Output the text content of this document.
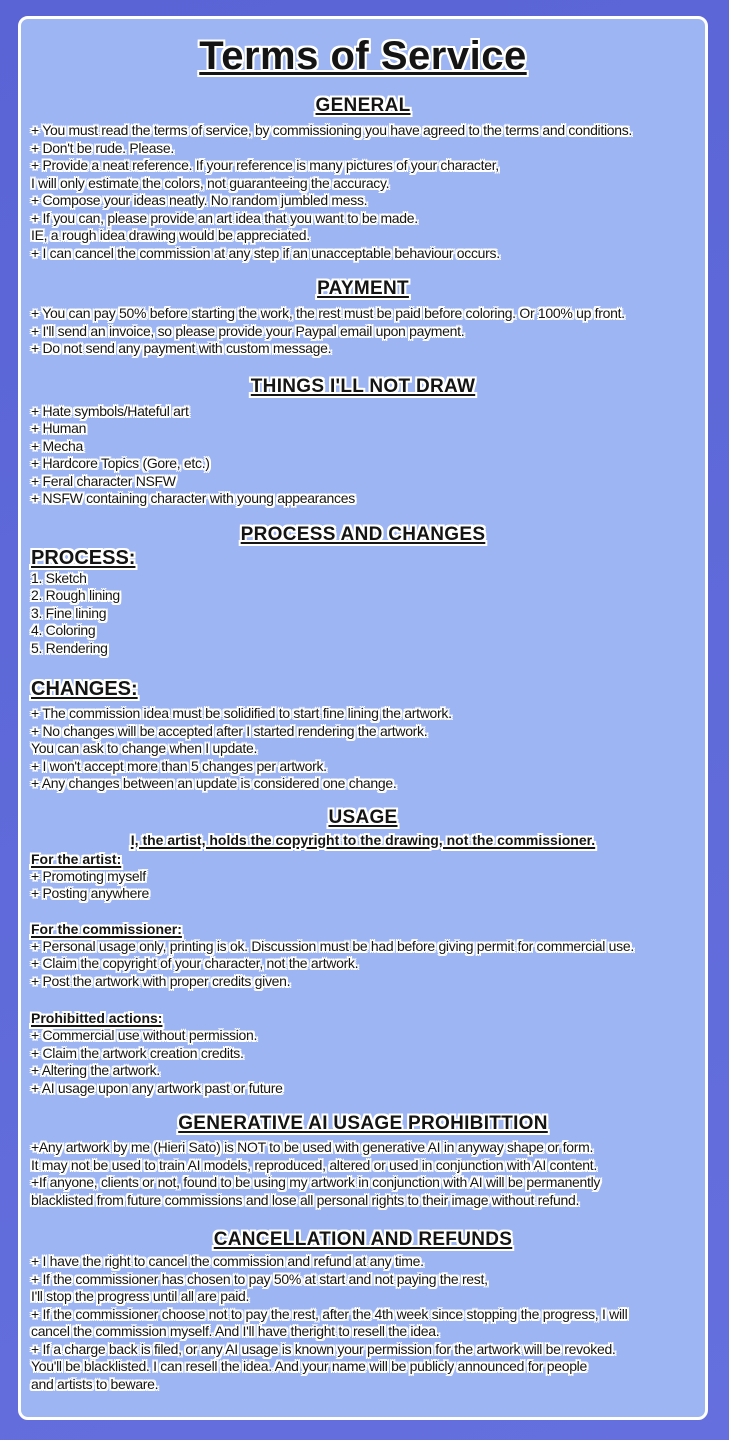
Terms of Service
GENERAL
+ You must read the terms of service, by commissioning you have agreed to the terms and conditions.
+ Don't be rude. Please.
+ Provide a neat reference. If your reference is many pictures of your character,
I will only estimate the colors, not guaranteeing the accuracy.
+ Compose your ideas neatly. No random jumbled mess.
+ If you can, please provide an art idea that you want to be made.
IE, a rough idea drawing would be appreciated.
+ I can cancel the commission at any step if an unacceptable behaviour occurs.
PAYMENT
+ You can pay 50% before starting the work, the rest must be paid before coloring. Or 100% up front.
+ I'll send an invoice, so please provide your Paypal email upon payment.
+ Do not send any payment with custom message.
THINGS I'LL NOT DRAW
+ Hate symbols/Hateful art
+ Human
+ Mecha
+ Hardcore Topics (Gore, etc.)
+ Feral character NSFW
+ NSFW containing character with young appearances
PROCESS AND CHANGES
PROCESS:
1. Sketch
2. Rough lining
3. Fine lining
4. Coloring
5. Rendering
CHANGES:
+ The commission idea must be solidified to start fine lining the artwork.
+ No changes will be accepted after I started rendering the artwork.
You can ask to change when I update.
+ I won't accept more than 5 changes per artwork.
+ Any changes between an update is considered one change.
USAGE
I, the artist, holds the copyright to the drawing, not the commissioner.
For the artist:
+ Promoting myself
+ Posting anywhere
For the commissioner:
+ Personal usage only, printing is ok. Discussion must be had before giving permit for commercial use.
+ Claim the copyright of your character, not the artwork.
+ Post the artwork with proper credits given.
Prohibitted actions:
+ Commercial use without permission.
+ Claim the artwork creation credits.
+ Altering the artwork.
+ AI usage upon any artwork past or future
GENERATIVE AI USAGE PROHIBITTION
+Any artwork by me (Hieri Sato) is NOT to be used with generative AI in anyway shape or form.
It may not be used to train AI models, reproduced, altered or used in conjunction with AI content.
+If anyone, clients or not, found to be using my artwork in conjunction with AI will be permanently
blacklisted from future commissions and lose all personal rights to their image without refund.
CANCELLATION AND REFUNDS
+ I have the right to cancel the commission and refund at any time.
+ If the commissioner has chosen to pay 50% at start and not paying the rest,
I'll stop the progress until all are paid.
+ If the commissioner choose not to pay the rest, after the 4th week since stopping the progress, I will
cancel the commission myself. And I'll have theright to resell the idea.
+ If a charge back is filed, or any AI usage is known your permission for the artwork will be revoked.
You'll be blacklisted. I can resell the idea. And your name will be publicly announced for people
and artists to beware.
